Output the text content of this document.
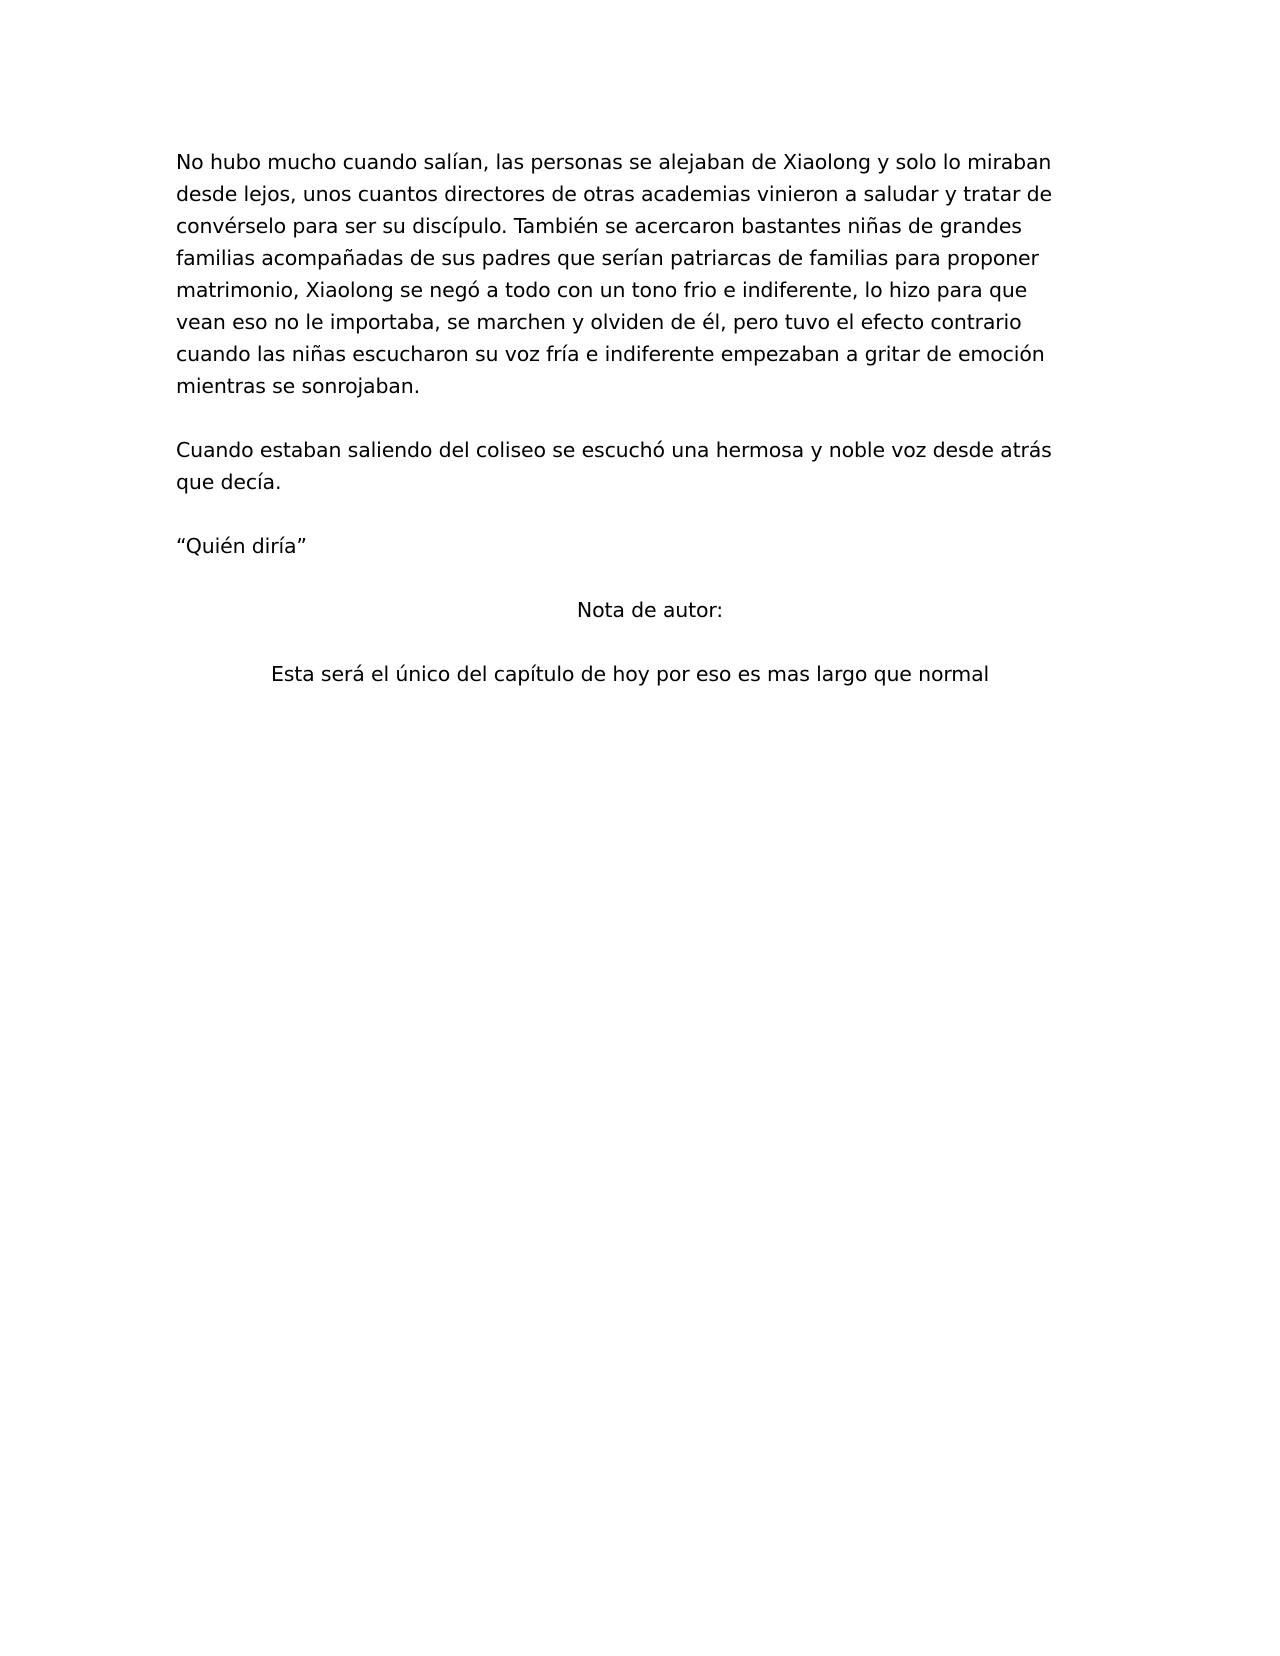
No hubo mucho cuando salían, las personas se alejaban de Xiaolong y solo lo miraban
desde lejos, unos cuantos directores de otras academias vinieron a saludar y tratar de
convérselo para ser su discípulo. También se acercaron bastantes niñas de grandes
familias acompañadas de sus padres que serían patriarcas de familias para proponer
matrimonio, Xiaolong se negó a todo con un tono frio e indiferente, lo hizo para que
vean eso no le importaba, se marchen y olviden de él, pero tuvo el efecto contrario
cuando las niñas escucharon su voz fría e indiferente empezaban a gritar de emoción
mientras se sonrojaban.
Cuando estaban saliendo del coliseo se escuchó una hermosa y noble voz desde atrás
que decía.
“Quién diría”
Nota de autor:
Esta será el único del capítulo de hoy por eso es mas largo que normal
